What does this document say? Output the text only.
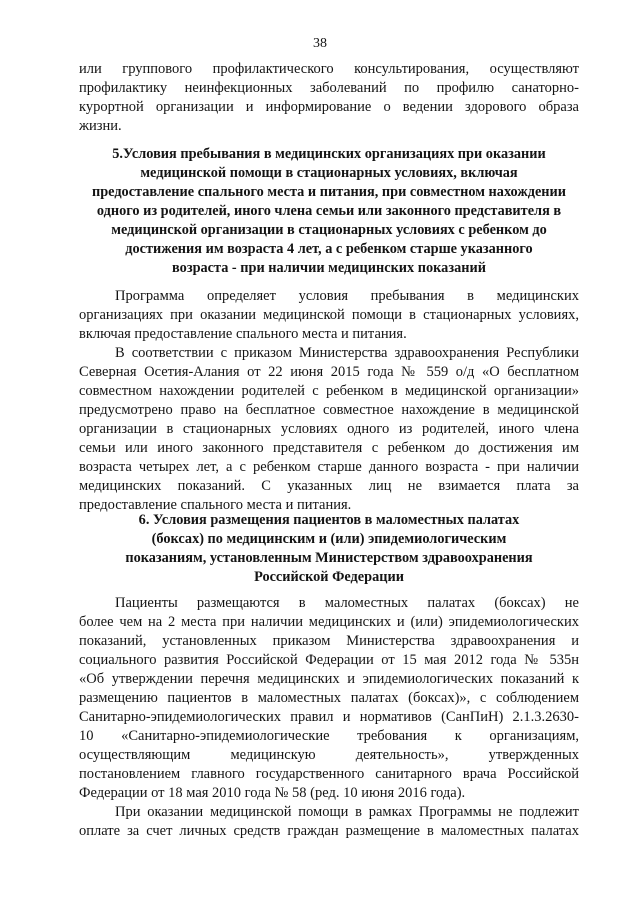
38
или группового профилактического консультирования, осуществляют
профилактику неинфекционных заболеваний по профилю санаторно-
курортной организации и информирование о ведении здорового образа
жизни.
5.Условия пребывания в медицинских организациях при оказании
медицинской помощи в стационарных условиях, включая
предоставление спального места и питания, при совместном нахождении
одного из родителей, иного члена семьи или законного представителя в
медицинской организации в стационарных условиях с ребенком до
достижения им возраста 4 лет, а с ребенком старше указанного
возраста - при наличии медицинских показаний
Программа определяет условия пребывания в медицинских
организациях при оказании медицинской помощи в стационарных условиях,
включая предоставление спального места и питания.
В соответствии с приказом Министерства здравоохранения Республики
Северная Осетия-Алания от 22 июня 2015 года № 559 о/д «О бесплатном
совместном нахождении родителей с ребенком в медицинской организации»
предусмотрено право на бесплатное совместное нахождение в медицинской
организации в стационарных условиях одного из родителей, иного члена
семьи или иного законного представителя с ребенком до достижения им
возраста четырех лет, а с ребенком старше данного возраста - при наличии
медицинских показаний. С указанных лиц не взимается плата за
предоставление спального места и питания.
6. Условия размещения пациентов в маломестных палатах
(боксах) по медицинским и (или) эпидемиологическим
показаниям, установленным Министерством здравоохранения
Российской Федерации
Пациенты размещаются в маломестных палатах (боксах) не
более чем на 2 места при наличии медицинских и (или) эпидемиологических
показаний, установленных приказом Министерства здравоохранения и
социального развития Российской Федерации от 15 мая 2012 года № 535н
«Об утверждении перечня медицинских и эпидемиологических показаний к
размещению пациентов в маломестных палатах (боксах)», с соблюдением
Санитарно-эпидемиологических правил и нормативов (СанПиН) 2.1.3.2630-
10 «Санитарно-эпидемиологические требования к организациям,
осуществляющим медицинскую деятельность», утвержденных
постановлением главного государственного санитарного врача Российской
Федерации от 18 мая 2010 года № 58 (ред. 10 июня 2016 года).
При оказании медицинской помощи в рамках Программы не подлежит
оплате за счет личных средств граждан размещение в маломестных палатах
